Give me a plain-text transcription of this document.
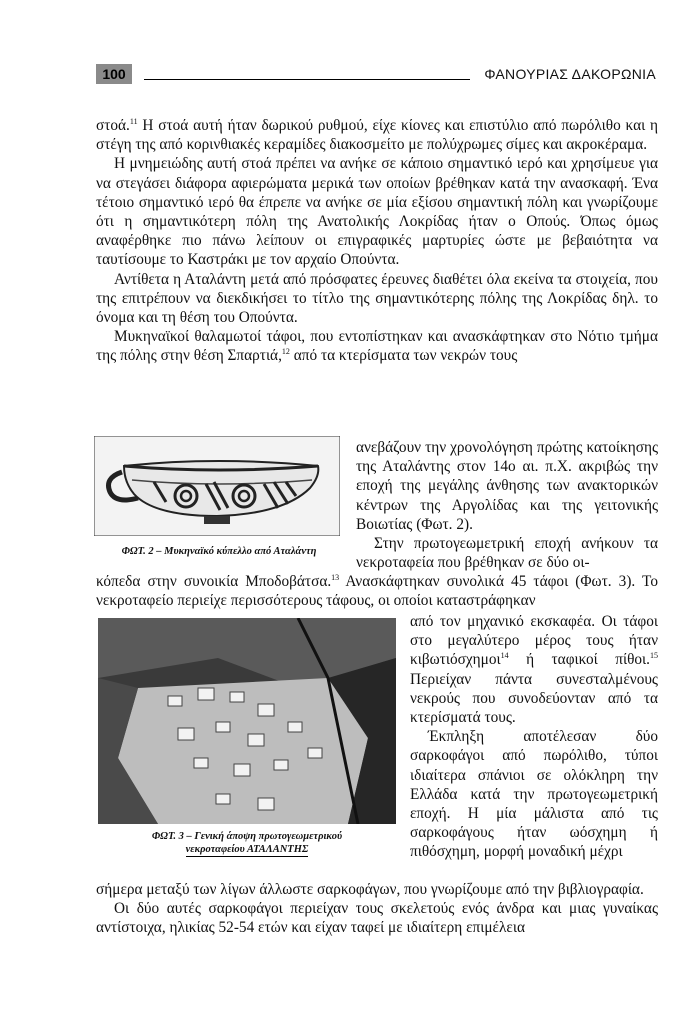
100	ΦΑΝΟΥΡΙΑΣ ΔΑΚΟΡΩΝΙΑ

στοά.$^{11}$ Η στοά αυτή ήταν δωρικού ρυθμού, είχε κίονες και επιστύλιο από πωρόλιθο και η στέγη της από κορινθιακές κεραμίδες διακοσμείτο με πολύχρωμες σίμες και ακροκέραμα.

Η μνημειώδης αυτή στοά πρέπει να ανήκε σε κάποιο σημαντικό ιερό και χρησίμευε για να στεγάσει διάφορα αφιερώματα μερικά των οποίων βρέθηκαν κατά την ανασκαφή. Ένα τέτοιο σημαντικό ιερό θα έπρεπε να ανήκε σε μία εξίσου σημαντική πόλη και γνωρίζουμε ότι η σημαντικότερη πόλη της Ανατολικής Λοκρίδας ήταν ο Οπούς. Όπως όμως αναφέρθηκε πιο πάνω λείπουν οι επιγραφικές μαρτυρίες ώστε με βεβαιότητα να ταυτίσουμε το Καστράκι με τον αρχαίο Οπούντα.

Αντίθετα η Αταλάντη μετά από πρόσφατες έρευνες διαθέτει όλα εκείνα τα στοιχεία, που της επιτρέπουν να διεκδικήσει το τίτλο της σημαντικότερης πόλης της Λοκρίδας δηλ. το όνομα και τη θέση του Οπούντα.

Μυκηναϊκοί θαλαμωτοί τάφοι, που εντοπίστηκαν και ανασκάφτηκαν στο Νότιο τμήμα της πόλης στην θέση Σπαρτιά,$^{12}$ από τα κτερίσματα των νεκρών τους

ΦΩΤ. 2 – Μυκηναϊκό κύπελλο από Αταλάντη

ανεβάζουν την χρονολόγηση πρώτης κατοίκησης της Αταλάντης στον 14ο αι. π.Χ. ακριβώς την εποχή της μεγάλης άνθησης των ανακτορικών κέντρων της Αργολίδας και της γειτονικής Βοιωτίας (Φωτ. 2).

Στην πρωτογεωμετρική εποχή ανήκουν τα νεκροταφεία που βρέθηκαν σε δύο οι-

κόπεδα στην συνοικία Μποδοβάτσα.$^{13}$ Ανασκάφτηκαν συνολικά 45 τάφοι (Φωτ. 3). Το νεκροταφείο περιείχε περισσότερους τάφους, οι οποίοι καταστράφηκαν

ΦΩΤ. 3 – Γενική άποψη πρωτογεωμετρικού
νεκροταφείου ΑΤΑΛΑΝΤΗΣ

από τον μηχανικό εκσκαφέα. Οι τάφοι στο μεγαλύτερο μέρος τους ήταν κιβωτιόσχημοι$^{14}$ ή ταφικοί πίθοι.$^{15}$ Περιείχαν πάντα συνεσταλμένους νεκρούς που συνοδεύονταν από τα κτερίσματά τους.

Έκπληξη αποτέλεσαν δύο σαρκοφάγοι από πωρόλιθο, τύποι ιδιαίτερα σπάνιοι σε ολόκληρη την Ελλάδα κατά την πρωτογεωμετρική εποχή. Η μία μάλιστα από τις σαρκοφάγους ήταν ωόσχημη ή πιθόσχημη, μορφή μοναδική μέχρι

σήμερα μεταξύ των λίγων άλλωστε σαρκοφάγων, που γνωρίζουμε από την βιβλιογραφία.

Οι δύο αυτές σαρκοφάγοι περιείχαν τους σκελετούς ενός άνδρα και μιας γυναίκας αντίστοιχα, ηλικίας 52-54 ετών και είχαν ταφεί με ιδιαίτερη επιμέλεια
